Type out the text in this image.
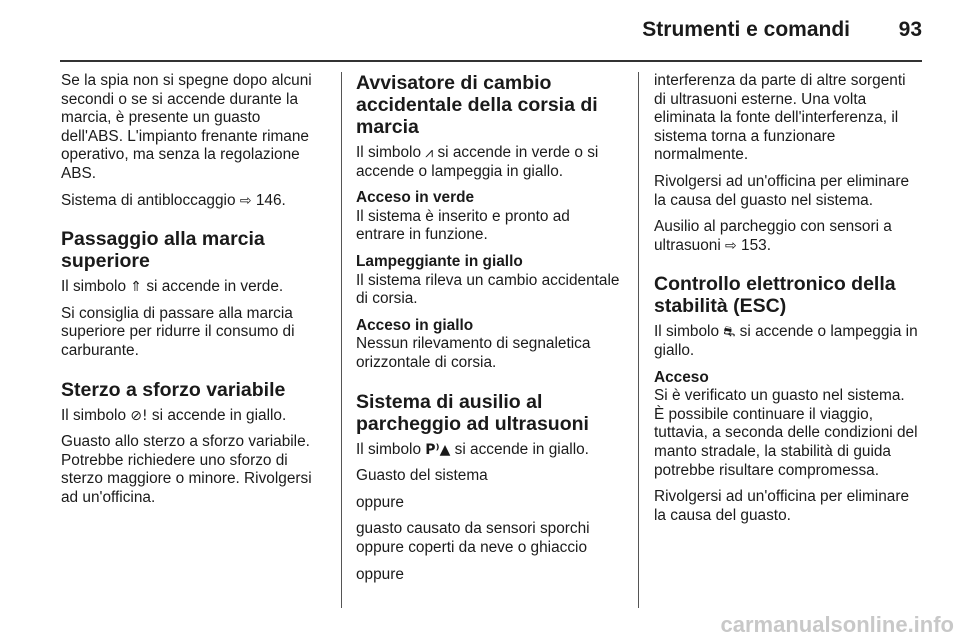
Strumenti e comandi 93

Se la spia non si spegne dopo alcuni secondi o se si accende durante la marcia, è presente un guasto dell'ABS. L'impianto frenante rimane operativo, ma senza la regolazione ABS.

Sistema di antibloccaggio ⇨ 146.

Passaggio alla marcia superiore

Il simbolo ⇑ si accende in verde.

Si consiglia di passare alla marcia superiore per ridurre il consumo di carburante.

Sterzo a sforzo variabile

Il simbolo ⊘! si accende in giallo.

Guasto allo sterzo a sforzo variabile. Potrebbe richiedere uno sforzo di sterzo maggiore o minore. Rivolgersi ad un'officina.

Avvisatore di cambio accidentale della corsia di marcia

Il simbolo ⩘ si accende in verde o si accende o lampeggia in giallo.

Acceso in verde

Il sistema è inserito e pronto ad entrare in funzione.

Lampeggiante in giallo

Il sistema rileva un cambio accidentale di corsia.

Acceso in giallo

Nessun rilevamento di segnaletica orizzontale di corsia.

Sistema di ausilio al parcheggio ad ultrasuoni

Il simbolo P⁾▲ si accende in giallo.

Guasto del sistema

oppure

guasto causato da sensori sporchi oppure coperti da neve o ghiaccio

oppure

interferenza da parte di altre sorgenti di ultrasuoni esterne. Una volta eliminata la fonte dell'interferenza, il sistema torna a funzionare normalmente.

Rivolgersi ad un'officina per eliminare la causa del guasto nel sistema.

Ausilio al parcheggio con sensori a ultrasuoni ⇨ 153.

Controllo elettronico della stabilità (ESC)

Il simbolo ⛐ si accende o lampeggia in giallo.

Acceso

Si è verificato un guasto nel sistema. È possibile continuare il viaggio, tuttavia, a seconda delle condizioni del manto stradale, la stabilità di guida potrebbe risultare compromessa.

Rivolgersi ad un'officina per eliminare la causa del guasto.

carmanualsonline.info
